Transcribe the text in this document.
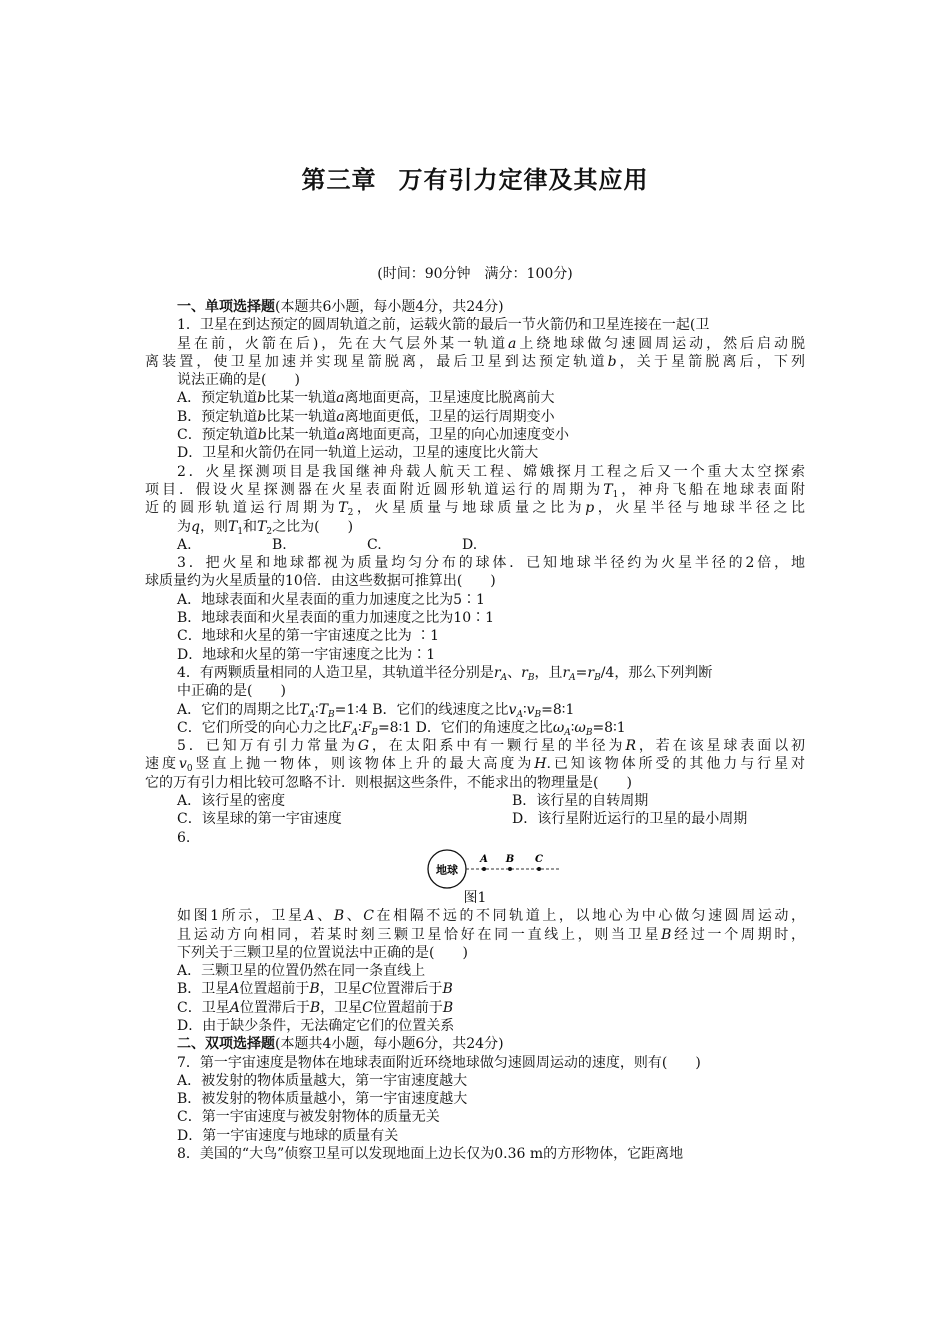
第三章 万有引力定律及其应用
(时间：90分钟　满分：100分)
一、单项选择题(本题共6小题，每小题4分，共24分)
1．卫星在到达预定的圆周轨道之前，运载火箭的最后一节火箭仍和卫星连接在一起(卫
星在前，火箭在后)，先在大气层外某一轨道a上绕地球做匀速圆周运动，然后启动脱
离装置，使卫星加速并实现星箭脱离，最后卫星到达预定轨道b，关于星箭脱离后，下列
说法正确的是(　　)
A．预定轨道b比某一轨道a离地面更高，卫星速度比脱离前大
B．预定轨道b比某一轨道a离地面更低，卫星的运行周期变小
C．预定轨道b比某一轨道a离地面更高，卫星的向心加速度变小
D．卫星和火箭仍在同一轨道上运动，卫星的速度比火箭大
2．火星探测项目是我国继神舟载人航天工程、嫦娥探月工程之后又一个重大太空探索
项目．假设火星探测器在火星表面附近圆形轨道运行的周期为$T_1$，神舟飞船在地球表面附
近的圆形轨道运行周期为$T_2$，火星质量与地球质量之比为p，火星半径与地球半径之比
为q，则$T_1$和$T_2$之比为(　　)
A.	B.	C.	D.
3．把火星和地球都视为质量均匀分布的球体．已知地球半径约为火星半径的2倍，地
球质量约为火星质量的10倍．由这些数据可推算出(　　)
A．地球表面和火星表面的重力加速度之比为5∶1
B．地球表面和火星表面的重力加速度之比为10∶1
C．地球和火星的第一宇宙速度之比为 ∶1
D．地球和火星的第一宇宙速度之比为∶1
4．有两颗质量相同的人造卫星，其轨道半径分别是$r_A$、$r_B$，且$r_A=r_B/4$，那么下列判断
中正确的是(　　)
A．它们的周期之比$T_A∶T_B=1∶4$ B．它们的线速度之比$v_A∶v_B=8∶1$
C．它们所受的向心力之比$F_A∶F_B=8∶1$ D．它们的角速度之比$\omega_A∶\omega_B=8∶1$
5．已知万有引力常量为G，在太阳系中有一颗行星的半径为R，若在该星球表面以初
速度$v_0$竖直上抛一物体，则该物体上升的最大高度为H.已知该物体所受的其他力与行星对
它的万有引力相比较可忽略不计．则根据这些条件，不能求出的物理量是(　　)
A．该行星的密度	B．该行星的自转周期
C．该星球的第一宇宙速度	D．该行星附近运行的卫星的最小周期
6.
地球
A B C
图1
如图1所示，卫星A、B、C在相隔不远的不同轨道上，以地心为中心做匀速圆周运动，
且运动方向相同，若某时刻三颗卫星恰好在同一直线上，则当卫星B经过一个周期时，
下列关于三颗卫星的位置说法中正确的是(　　)
A．三颗卫星的位置仍然在同一条直线上
B．卫星A位置超前于B，卫星C位置滞后于B
C．卫星A位置滞后于B，卫星C位置超前于B
D．由于缺少条件，无法确定它们的位置关系
二、双项选择题(本题共4小题，每小题6分，共24分)
7．第一宇宙速度是物体在地球表面附近环绕地球做匀速圆周运动的速度，则有(　　)
A．被发射的物体质量越大，第一宇宙速度越大
B．被发射的物体质量越小，第一宇宙速度越大
C．第一宇宙速度与被发射物体的质量无关
D．第一宇宙速度与地球的质量有关
8．美国的“大鸟”侦察卫星可以发现地面上边长仅为0.36 m的方形物体，它距离地
